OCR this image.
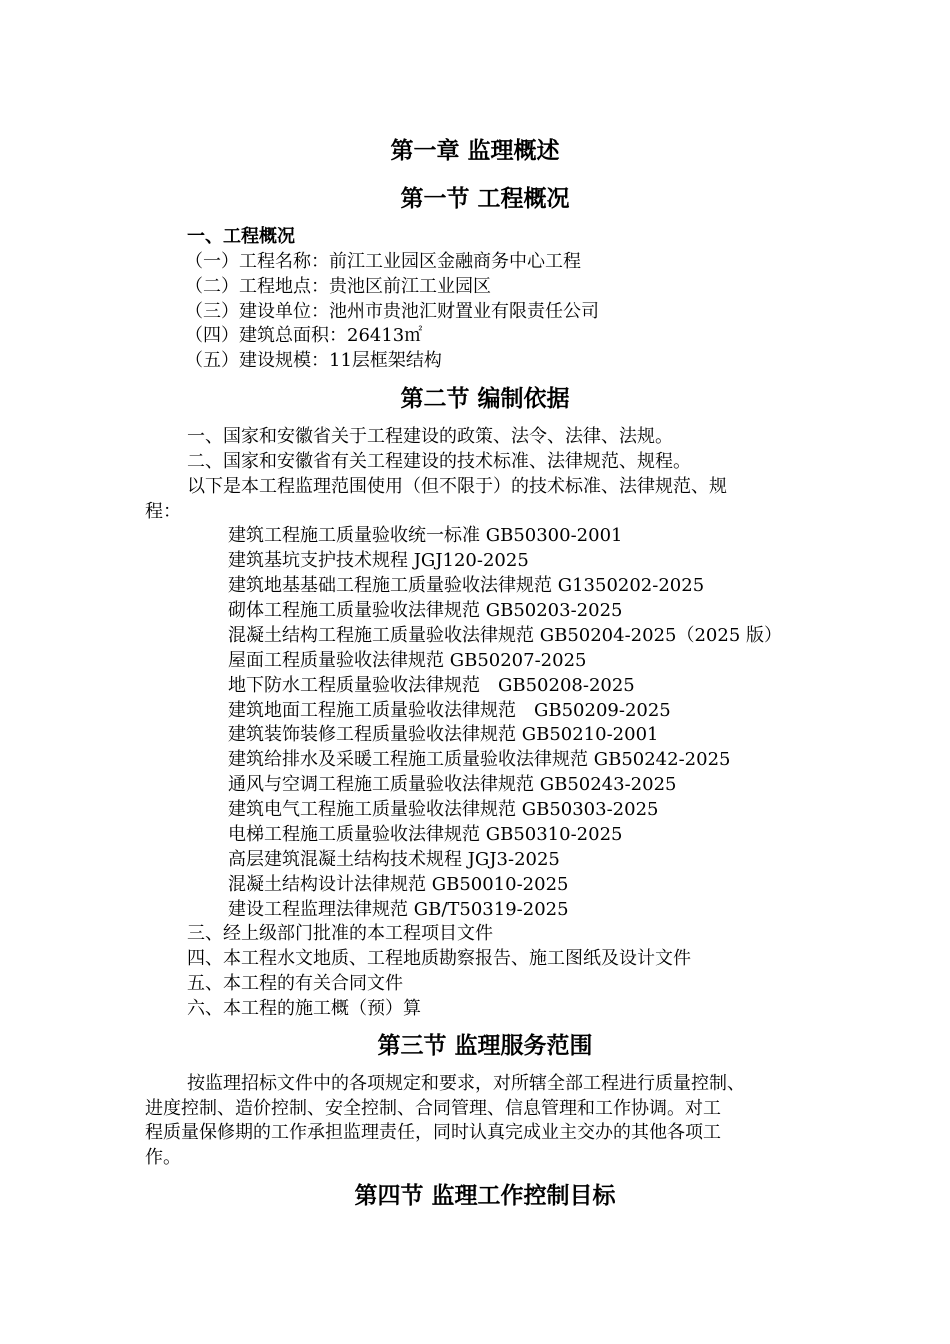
第一章 监理概述
第一节 工程概况
一、工程概况
（一）工程名称：前江工业园区金融商务中心工程
（二）工程地点：贵池区前江工业园区
（三）建设单位：池州市贵池汇财置业有限责任公司
（四）建筑总面积：26413㎡
（五）建设规模：11层框架结构
第二节 编制依据
一、国家和安徽省关于工程建设的政策、法令、法律、法规。
二、国家和安徽省有关工程建设的技术标准、法律规范、规程。
以下是本工程监理范围使用（但不限于）的技术标准、法律规范、规
程：
建筑工程施工质量验收统一标准 GB50300-2001
建筑基坑支护技术规程 JGJ120-2025
建筑地基基础工程施工质量验收法律规范 G1350202-2025
砌体工程施工质量验收法律规范 GB50203-2025
混凝土结构工程施工质量验收法律规范 GB50204-2025（2025 版）
屋面工程质量验收法律规范 GB50207-2025
地下防水工程质量验收法律规范　GB50208-2025
建筑地面工程施工质量验收法律规范　GB50209-2025
建筑装饰装修工程质量验收法律规范 GB50210-2001
建筑给排水及采暖工程施工质量验收法律规范 GB50242-2025
通风与空调工程施工质量验收法律规范 GB50243-2025
建筑电气工程施工质量验收法律规范 GB50303-2025
电梯工程施工质量验收法律规范 GB50310-2025
高层建筑混凝土结构技术规程 JGJ3-2025
混凝土结构设计法律规范 GB50010-2025
建设工程监理法律规范 GB/T50319-2025
三、经上级部门批准的本工程项目文件
四、本工程水文地质、工程地质勘察报告、施工图纸及设计文件
五、本工程的有关合同文件
六、本工程的施工概（预）算
第三节 监理服务范围
按监理招标文件中的各项规定和要求，对所辖全部工程进行质量控制、
进度控制、造价控制、安全控制、合同管理、信息管理和工作协调。对工
程质量保修期的工作承担监理责任，同时认真完成业主交办的其他各项工
作。
第四节 监理工作控制目标
